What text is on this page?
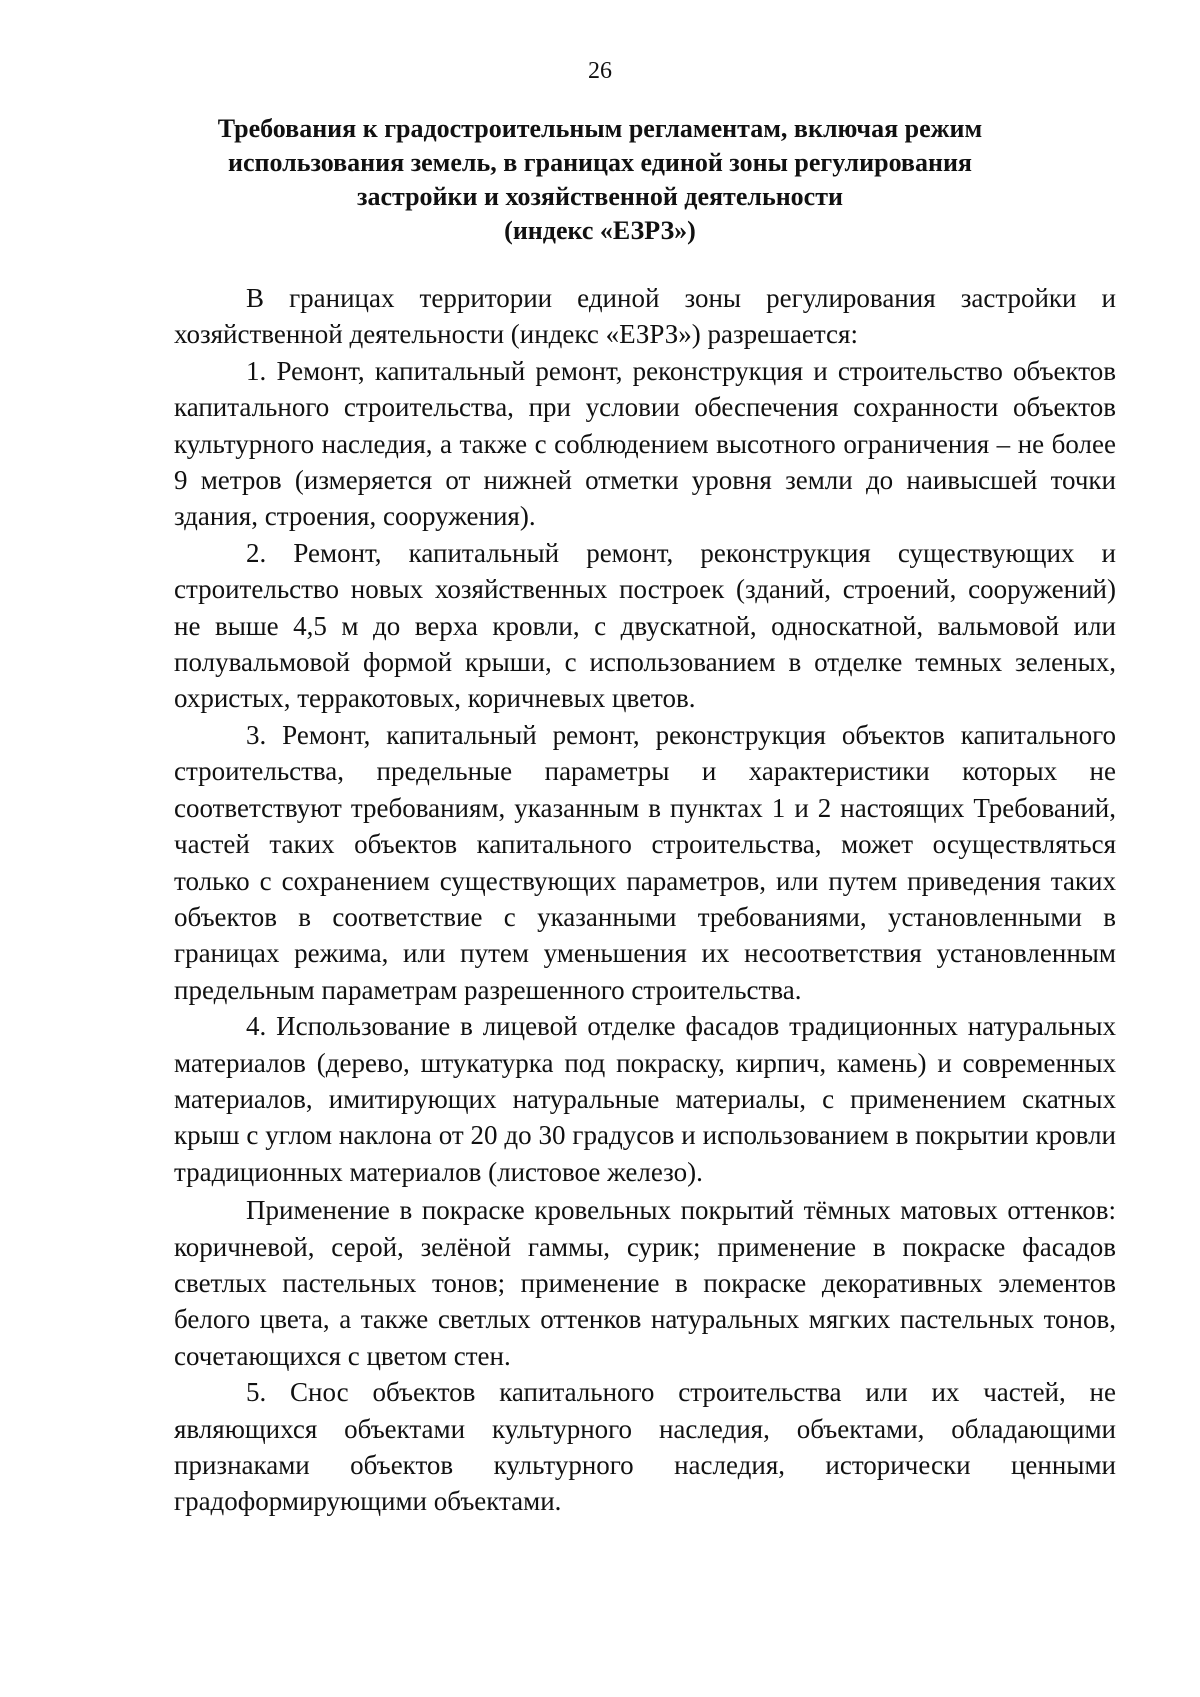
26
Требования к градостроительным регламентам, включая режим
использования земель, в границах единой зоны регулирования
застройки и хозяйственной деятельности
(индекс «ЕЗРЗ»)

В границах территории единой зоны регулирования застройки и хозяйственной деятельности (индекс «ЕЗРЗ») разрешается:

1. Ремонт, капитальный ремонт, реконструкция и строительство объектов капитального строительства, при условии обеспечения сохранности объектов культурного наследия, а также с соблюдением высотного ограничения – не более 9 метров (измеряется от нижней отметки уровня земли до наивысшей точки здания, строения, сооружения).

2. Ремонт, капитальный ремонт, реконструкция существующих и строительство новых хозяйственных построек (зданий, строений, сооружений) не выше 4,5 м до верха кровли, с двускатной, односкатной, вальмовой или полувальмовой формой крыши, с использованием в отделке темных зеленых, охристых, терракотовых, коричневых цветов.

3. Ремонт, капитальный ремонт, реконструкция объектов капитального строительства, предельные параметры и характеристики которых не соответствуют требованиям, указанным в пунктах 1 и 2 настоящих Требований, частей таких объектов капитального строительства, может осуществляться только с сохранением существующих параметров, или путем приведения таких объектов в соответствие с указанными требованиями, установленными в границах режима, или путем уменьшения их несоответствия установленным предельным параметрам разрешенного строительства.

4. Использование в лицевой отделке фасадов традиционных натуральных материалов (дерево, штукатурка под покраску, кирпич, камень) и современных материалов, имитирующих натуральные материалы, с применением скатных крыш с углом наклона от 20 до 30 градусов и использованием в покрытии кровли традиционных материалов (листовое железо).

Применение в покраске кровельных покрытий тёмных матовых оттенков: коричневой, серой, зелёной гаммы, сурик; применение в покраске фасадов светлых пастельных тонов; применение в покраске декоративных элементов белого цвета, а также светлых оттенков натуральных мягких пастельных тонов, сочетающихся с цветом стен.

5. Снос объектов капитального строительства или их частей, не являющихся объектами культурного наследия, объектами, обладающими признаками объектов культурного наследия, исторически ценными градоформирующими объектами.
